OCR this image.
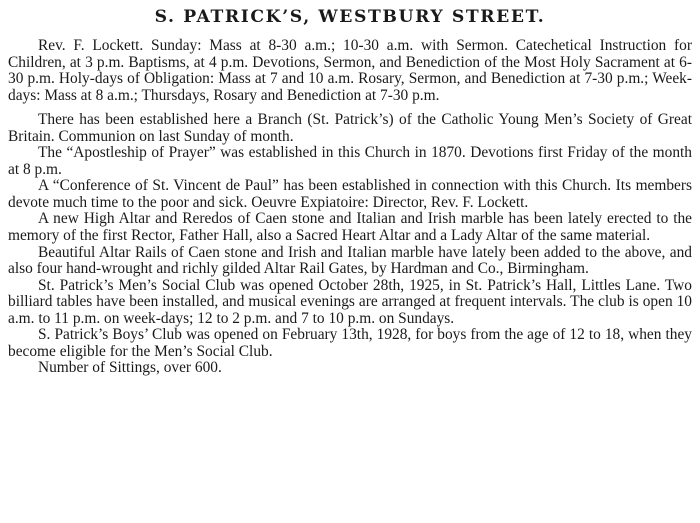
S. PATRICK’S, WESTBURY STREET.

Rev. F. Lockett. Sunday: Mass at 8-30 a.m.; 10-30 a.m. with Sermon. Catechetical Instruction for Children, at 3 p.m. Baptisms, at 4 p.m. Devotions, Sermon, and Benediction of the Most Holy Sacrament at 6-30 p.m. Holy-days of Obligation: Mass at 7 and 10 a.m. Rosary, Sermon, and Benediction at 7-30 p.m.; Week-days: Mass at 8 a.m.; Thursdays, Rosary and Benediction at 7-30 p.m.

There has been established here a Branch (St. Patrick’s) of the Catholic Young Men’s Society of Great Britain. Communion on last Sunday of month.

The “Apostleship of Prayer” was established in this Church in 1870. Devotions first Friday of the month at 8 p.m.

A “Conference of St. Vincent de Paul” has been established in connection with this Church. Its members devote much time to the poor and sick. Oeuvre Expiatoire: Director, Rev. F. Lockett.

A new High Altar and Reredos of Caen stone and Italian and Irish marble has been lately erected to the memory of the first Rector, Father Hall, also a Sacred Heart Altar and a Lady Altar of the same material.

Beautiful Altar Rails of Caen stone and Irish and Italian marble have lately been added to the above, and also four hand-wrought and richly gilded Altar Rail Gates, by Hardman and Co., Birmingham.

St. Patrick’s Men’s Social Club was opened October 28th, 1925, in St. Patrick’s Hall, Littles Lane. Two billiard tables have been installed, and musical evenings are arranged at frequent intervals. The club is open 10 a.m. to 11 p.m. on week-days; 12 to 2 p.m. and 7 to 10 p.m. on Sundays.

S. Patrick’s Boys’ Club was opened on February 13th, 1928, for boys from the age of 12 to 18, when they become eligible for the Men’s Social Club.

Number of Sittings, over 600.
